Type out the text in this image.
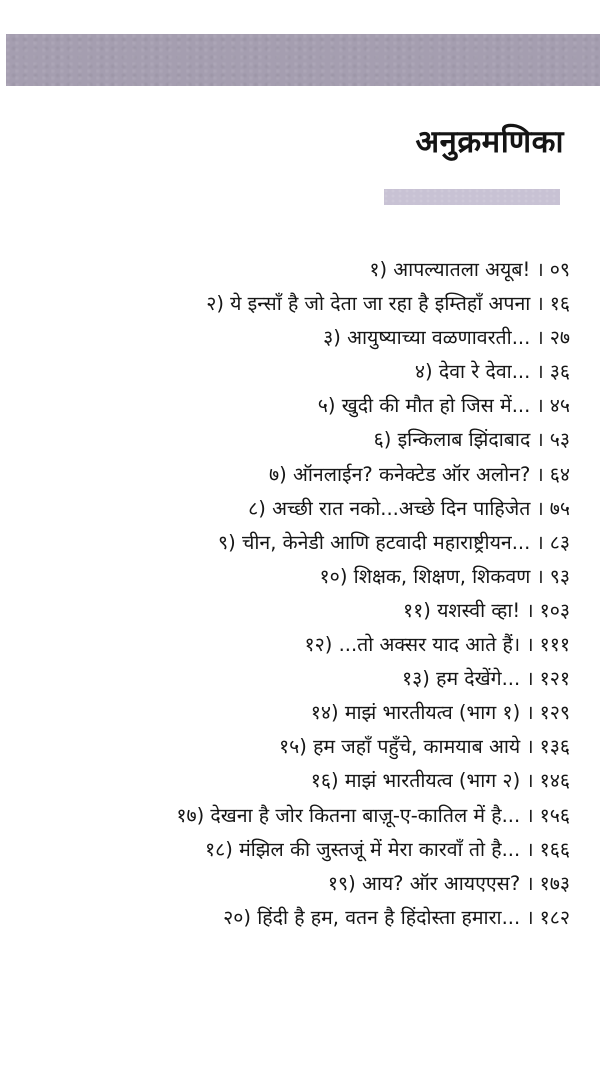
अनुक्रमणिका
१) आपल्यातला अयूब! । ०९
२) ये इन्साँ है जो देता जा रहा है इम्तिहाँ अपना । १६
३) आयुष्याच्या वळणावरती... । २७
४) देवा रे देवा... । ३६
५) खुदी की मौत हो जिस में... । ४५
६) इन्किलाब झिंदाबाद । ५३
७) ऑनलाईन? कनेक्टेड ऑर अलोन? । ६४
८) अच्छी रात नको...अच्छे दिन पाहिजेत । ७५
९) चीन, केनेडी आणि हटवादी महाराष्ट्रीयन... । ८३
१०) शिक्षक, शिक्षण, शिकवण । ९३
११) यशस्वी व्हा! । १०३
१२) ...तो अक्सर याद आते हैं। । १११
१३) हम देखेंगे... । १२१
१४) माझं भारतीयत्व (भाग १) । १२९
१५) हम जहाँ पहुँचे, कामयाब आये । १३६
१६) माझं भारतीयत्व (भाग २) । १४६
१७) देखना है जोर कितना बाज़ू-ए-कातिल में है... । १५६
१८) मंझिल की जुस्तजूं में मेरा कारवाँ तो है... । १६६
१९) आय? ऑर आयएएस? । १७३
२०) हिंदी है हम, वतन है हिंदोस्ता हमारा... । १८२
